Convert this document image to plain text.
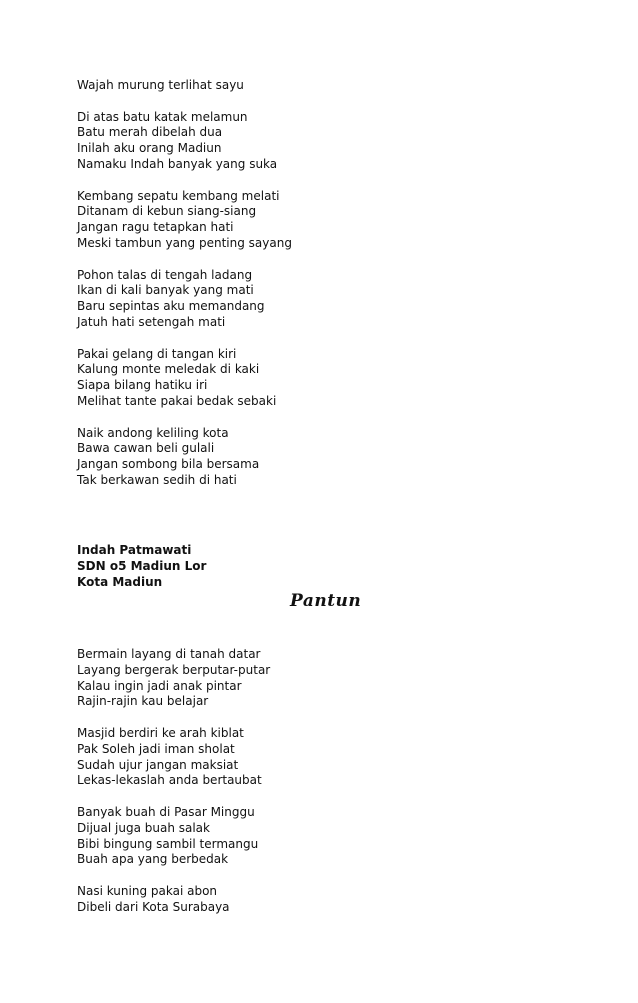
Wajah murung terlihat sayu

Di atas batu katak melamun

Batu merah dibelah dua

Inilah aku orang Madiun

Namaku Indah banyak yang suka

Kembang sepatu kembang melati

Ditanam di kebun siang-siang

Jangan ragu tetapkan hati

Meski tambun yang penting sayang

Pohon talas di tengah ladang

Ikan di kali banyak yang mati

Baru sepintas aku memandang

Jatuh hati setengah mati

Pakai gelang di tangan kiri

Kalung monte meledak di kaki

Siapa bilang hatiku iri

Melihat tante pakai bedak sebaki

Naik andong keliling kota

Bawa cawan beli gulali

Jangan sombong bila bersama

Tak berkawan sedih di hati

Indah Patmawati

SDN o5 Madiun Lor

Kota Madiun

Pantun

Bermain layang di tanah datar

Layang bergerak berputar-putar

Kalau ingin jadi anak pintar

Rajin-rajin kau belajar

Masjid berdiri ke arah kiblat

Pak Soleh jadi iman sholat

Sudah ujur jangan maksiat

Lekas-lekaslah anda bertaubat

Banyak buah di Pasar Minggu

Dijual juga buah salak

Bibi bingung sambil termangu

Buah apa yang berbedak

Nasi kuning pakai abon

Dibeli dari Kota Surabaya
